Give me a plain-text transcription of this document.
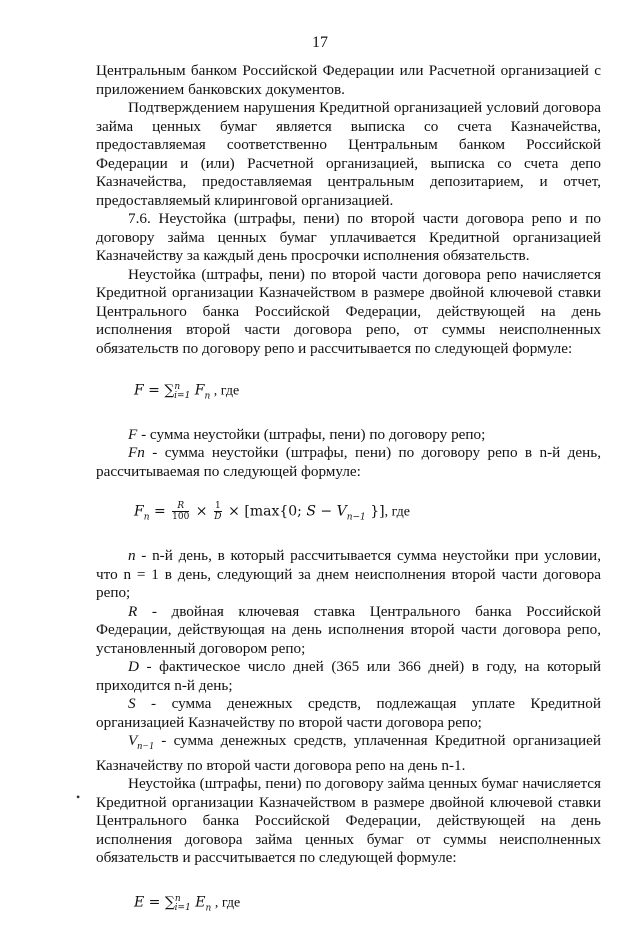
17

Центральным банком Российской Федерации или Расчетной организацией с приложением банковских документов.

Подтверждением нарушения Кредитной организацией условий договора займа ценных бумаг является выписка со счета Казначейства, предоставляемая соответственно Центральным банком Российской Федерации и (или) Расчетной организацией, выписка со счета депо Казначейства, предоставляемая центральным депозитарием, и отчет, предоставляемый клиринговой организацией.

7.6. Неустойка (штрафы, пени) по второй части договора репо и по договору займа ценных бумаг уплачивается Кредитной организацией Казначейству за каждый день просрочки исполнения обязательств.

Неустойка (штрафы, пени) по второй части договора репо начисляется Кредитной организации Казначейством в размере двойной ключевой ставки Центрального банка Российской Федерации, действующей на день исполнения второй части договора репо, от суммы неисполненных обязательств по договору репо и рассчитывается по следующей формуле:

F = ∑$^n_{i=1}$ $F_n$ , где

F - сумма неустойки (штрафы, пени) по договору репо;

Fn - сумма неустойки (штрафы, пени) по договору репо в n-й день, рассчитываемая по следующей формуле:

$F_n = \frac{R}{100} \times \frac{1}{D} \times [\max\{0$; $S - V_{n-1}$ }], где

n - n-й день, в который рассчитывается сумма неустойки при условии, что n = 1 в день, следующий за днем неисполнения второй части договора репо;

R - двойная ключевая ставка Центрального банка Российской Федерации, действующая на день исполнения второй части договора репо, установленный договором репо;

D - фактическое число дней (365 или 366 дней) в году, на который приходится n-й день;

S - сумма денежных средств, подлежащая уплате Кредитной организацией Казначейству по второй части договора репо;

$V_{n-1}$ - сумма денежных средств, уплаченная Кредитной организацией Казначейству по второй части договора репо на день n-1.

Неустойка (штрафы, пени) по договору займа ценных бумаг начисляется Кредитной организации Казначейством в размере двойной ключевой ставки Центрального банка Российской Федерации, действующей на день исполнения договора займа ценных бумаг от суммы неисполненных обязательств и рассчитывается по следующей формуле:

E = ∑$^n_{i=1}$ $E_n$ , где
•
